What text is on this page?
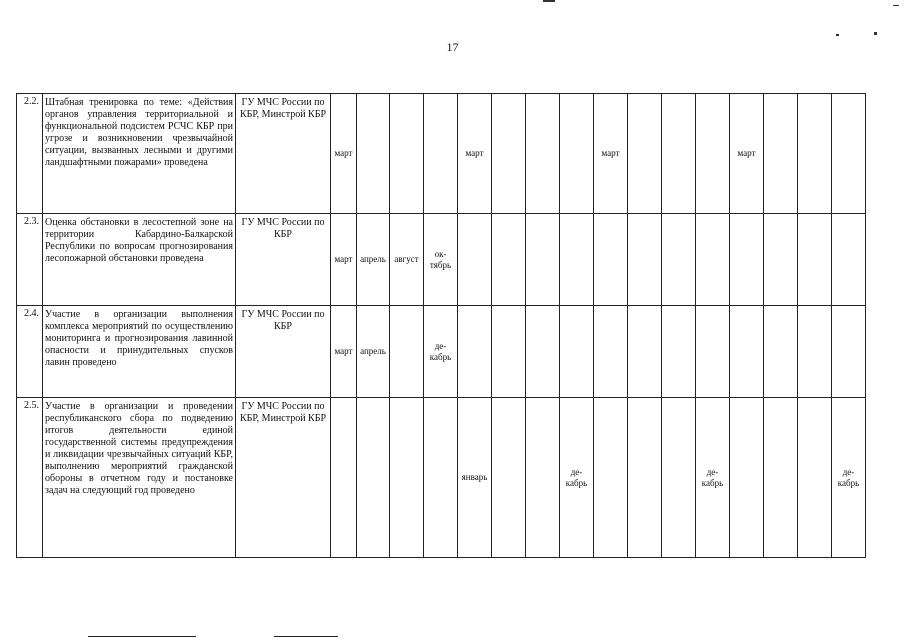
17
2.2.	Штабная тренировка по теме: «Действия органов управления территориальной и функциональной подсистем РСЧС КБР при угрозе и возникновении чрезвычайной ситуации, вызванных лесными и другими ландшафтными пожарами» проведена	ГУ МЧС России по КБР, Минстрой КБР	март				март				март				март			
2.3.	Оценка обстановки в лесостепной зоне на территории Кабардино-Балкарской Республики по вопросам прогнозирования лесопожарной обстановки проведена	ГУ МЧС России по КБР	март	апрель	август	ок-
тябрь												
2.4.	Участие в организации выполнения комплекса мероприятий по осуществлению мониторинга и прогнозирования лавинной опасности и принудительных спусков лавин проведено	ГУ МЧС России по КБР	март	апрель		де-
кабрь												
2.5.	Участие в организации и проведении республиканского сбора по подведению итогов деятельности единой государственной системы предупреждения и ликвидации чрезвычайных ситуаций КБР, выполнению мероприятий гражданской обороны в отчетном году и постановке задач на следующий год проведено	ГУ МЧС России по КБР, Минстрой КБР					январь			де-
кабрь				де-
кабрь				де-
кабрь
